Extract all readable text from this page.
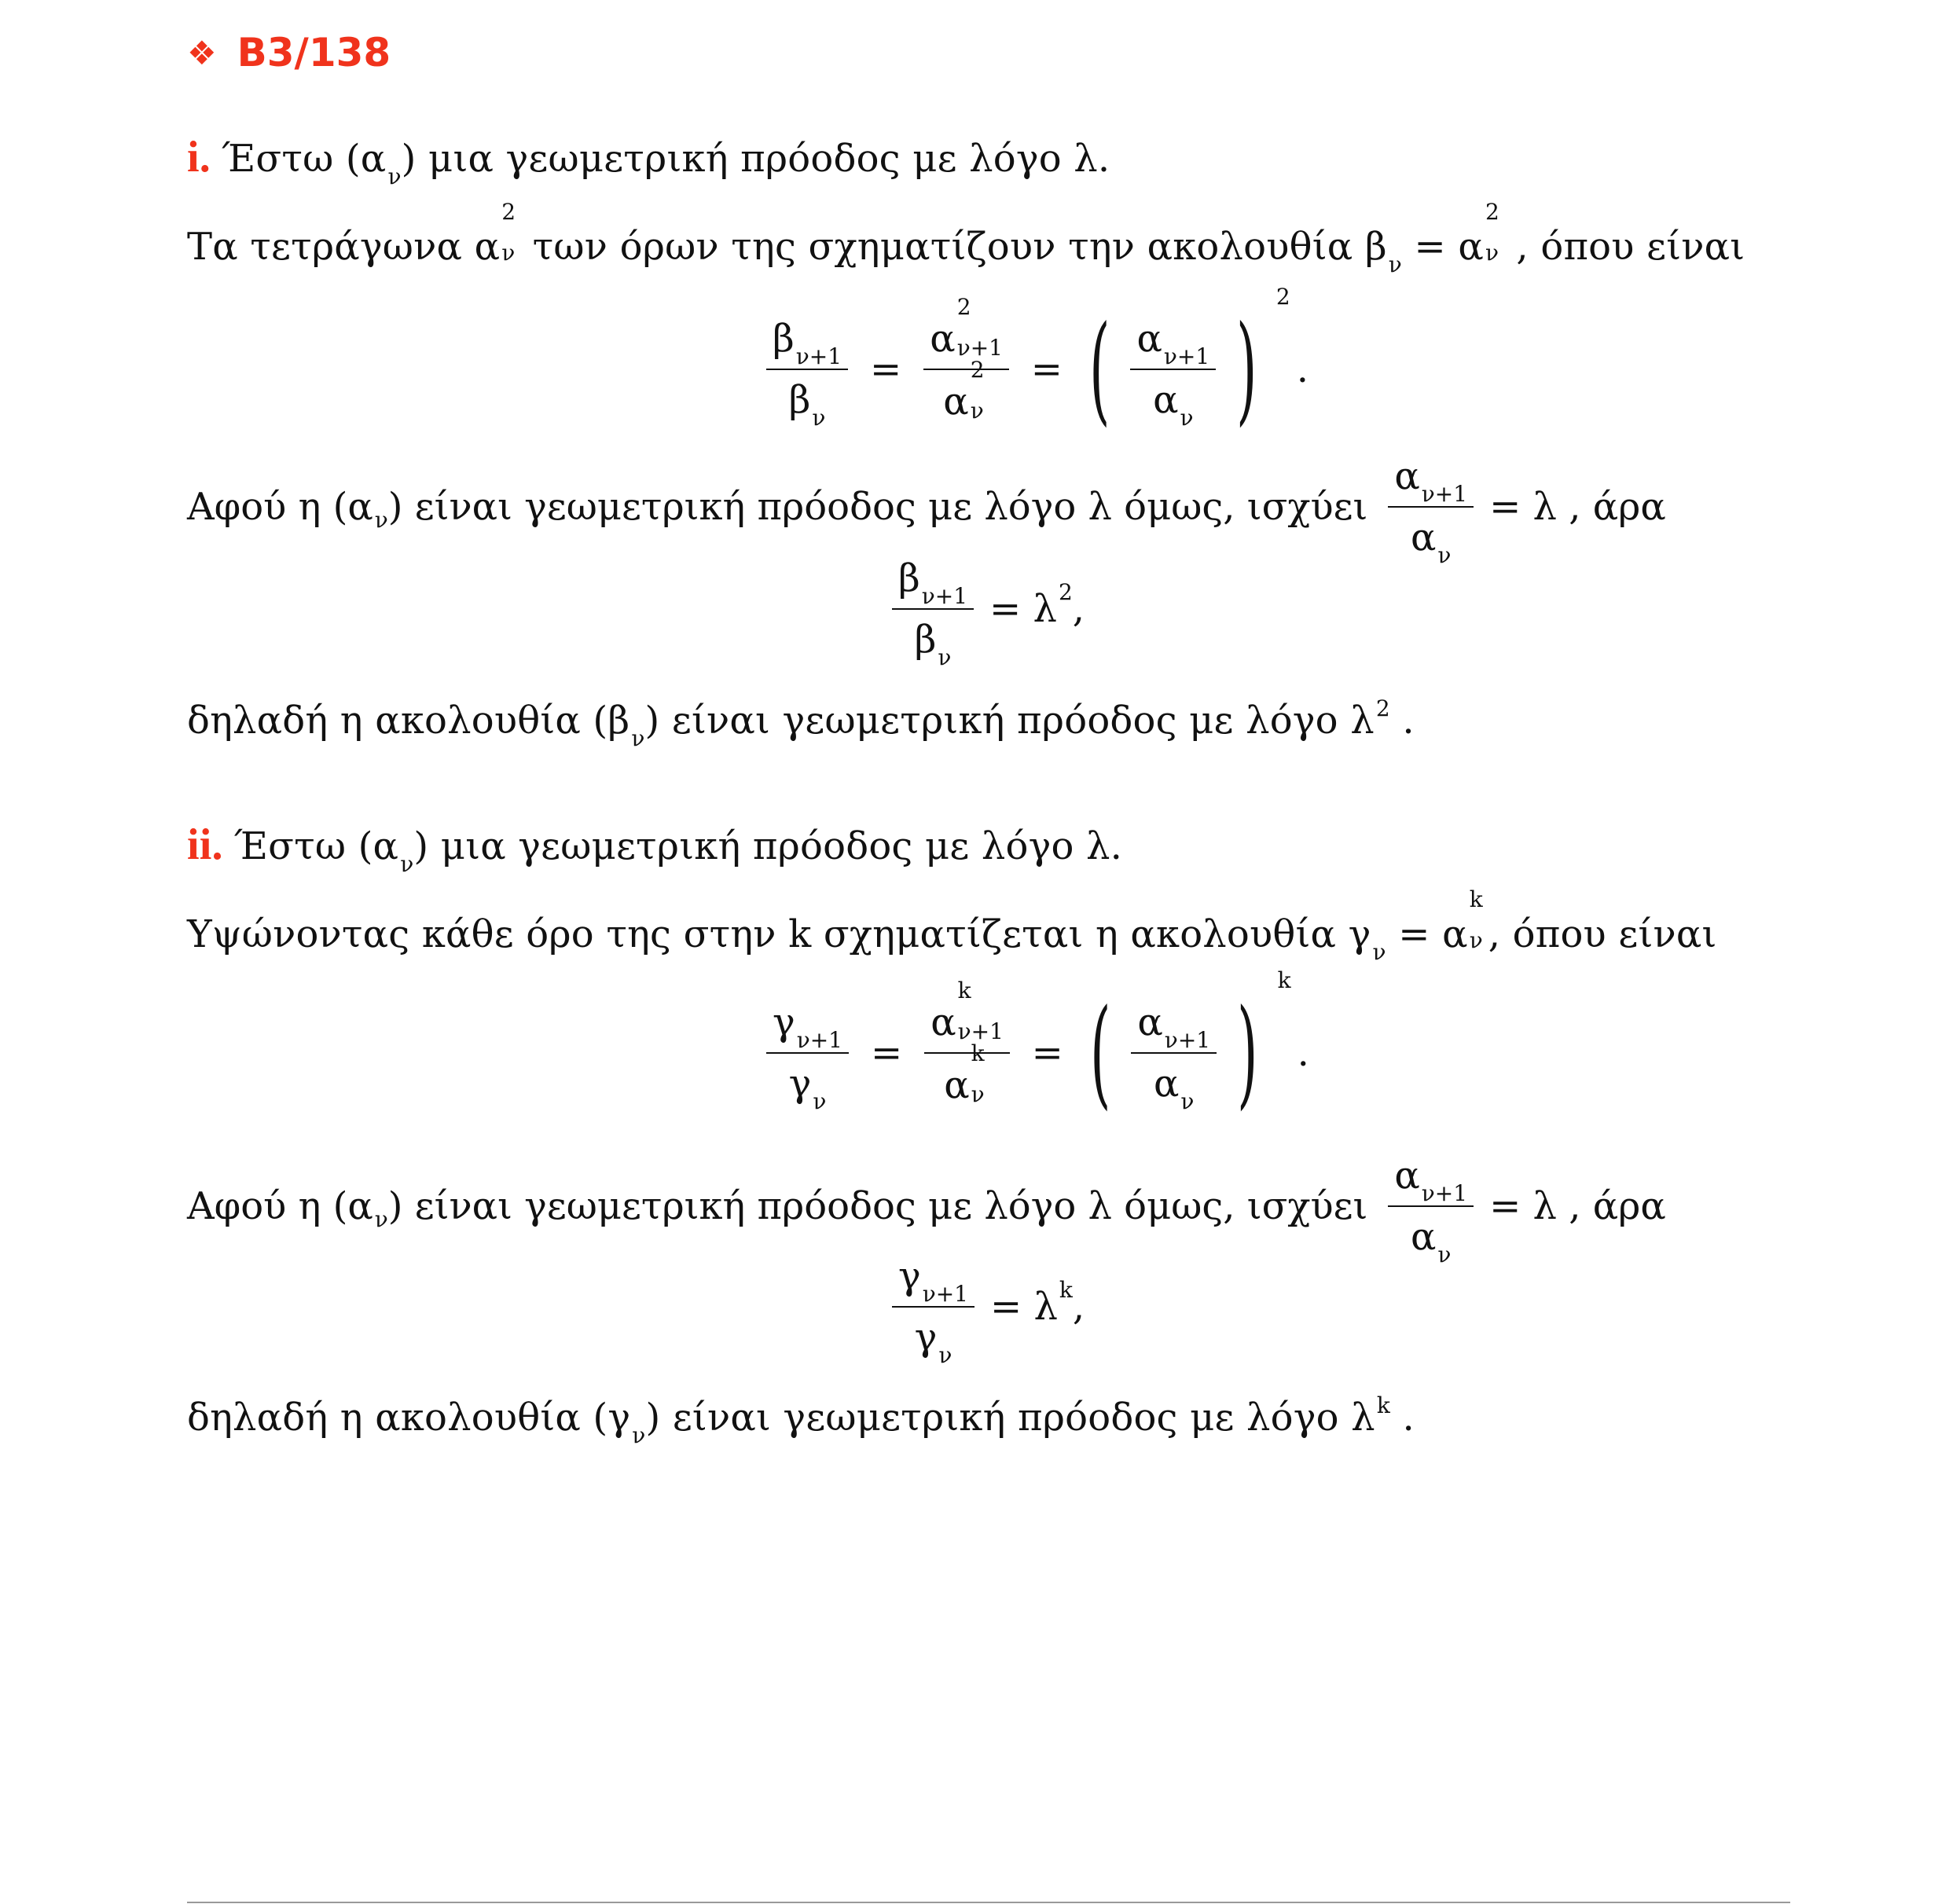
❖ B3/138
i. Έστω $(\alpha_\nu)$ μια γεωμετρική πρόοδος με λόγο λ.
Τα τετράγωνα α
2
ν των όρων της σχηματίζουν την ακολουθία $\beta_\nu = \alpha$
2
ν , όπου είναι
$\frac{\beta_{\nu+1}}{\beta_\nu} = \alpha$
2
ν+1
α
2
ν = ( $\frac{\alpha_{\nu+1}}{\alpha_\nu}$ )
2
.
Αφού η (α ν ) είναι γεωμετρική πρόοδος με λόγο λ όμως, ισχύει $\frac{\alpha_{\nu+1}}{\alpha_\nu} = \lambda$ , άρα
$\frac{\beta_{\nu+1}}{\beta_\nu} = \lambda$ 2 ,
δηλαδή η ακολουθία $(\beta_\nu)$ είναι γεωμετρική πρόοδος με λόγο $\lambda^2$ .
ii. Έστω $(\alpha_\nu)$ μια γεωμετρική πρόοδος με λόγο λ.
Υψώνοντας κάθε όρο της στην k σχηματίζεται η ακολουθία $\gamma_\nu = \alpha$
k
ν , όπου είναι
$\frac{\gamma_{\nu+1}}{\gamma_\nu} = \alpha$
k
ν+1
α
k
ν = ( $\frac{\alpha_{\nu+1}}{\alpha_\nu}$ )
k
.
Αφού η (α ν ) είναι γεωμετρική πρόοδος με λόγο λ όμως, ισχύει $\frac{\alpha_{\nu+1}}{\alpha_\nu} = \lambda$ , άρα
$\frac{\gamma_{\nu+1}}{\gamma_\nu} = \lambda$ k ,
δηλαδή η ακολουθία $(\gamma_\nu)$ είναι γεωμετρική πρόοδος με λόγο $\lambda^k$ .
